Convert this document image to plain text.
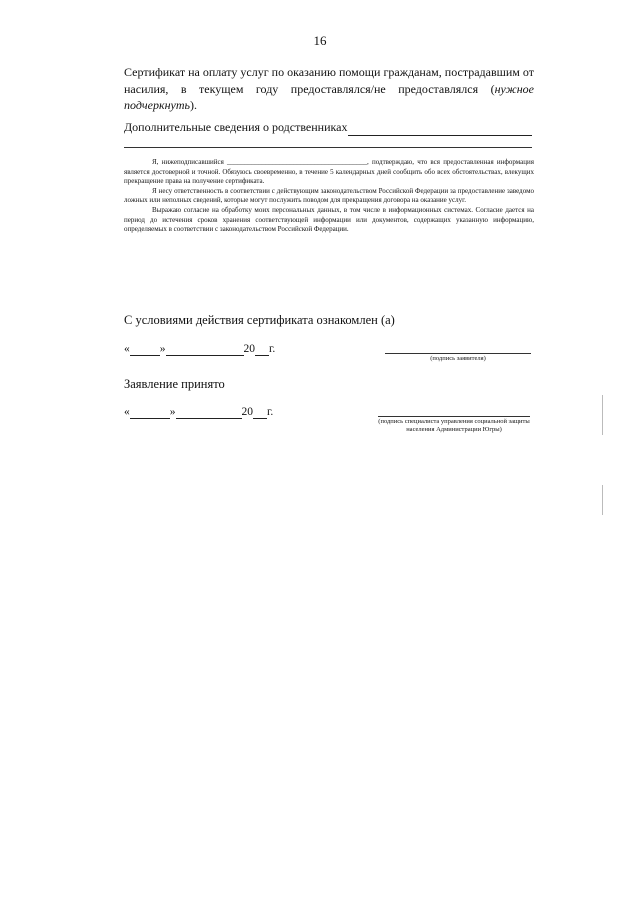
16
Сертификат на оплату услуг по оказанию помощи гражданам, пострадавшим от насилия, в текущем году предоставлялся/не предоставлялся (нужное подчеркнуть).
Дополнительные сведения о родственниках

Я, нижеподписавшийся ________________________________________, подтверждаю, что вся предоставленная информация является достоверной и точной. Обязуюсь своевременно, в течение 5 календарных дней сообщить обо всех обстоятельствах, влекущих прекращение права на получение сертификата.

Я несу ответственность в соответствии с действующим законодательством Российской Федерации за предоставление заведомо ложных или неполных сведений, которые могут послужить поводом для прекращения договора на оказание услуг.

Выражаю согласие на обработку моих персональных данных, в том числе в информационных системах. Согласие дается на период до истечения сроков хранения соответствующей информации или документов, содержащих указанную информацию, определяемых в соответствии с законодательством Российской Федерации.

С условиями действия сертификата ознакомлен (а)
«	»	20 г.
(подпись заявителя)
Заявление принято
«	»	20 г.
(подпись специалиста управления социальной защиты населения Администрации Югры)
